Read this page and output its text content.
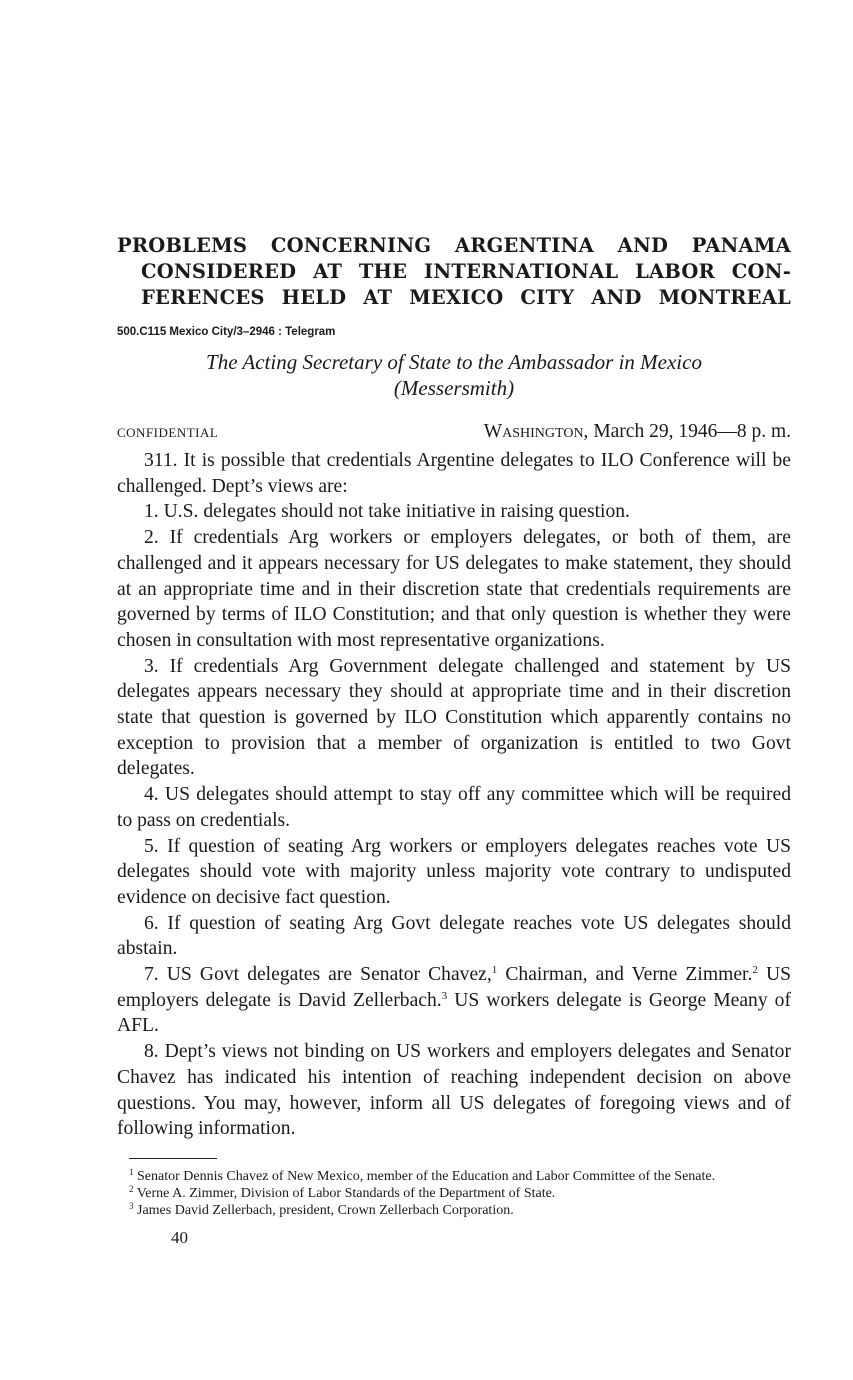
PROBLEMS CONCERNING ARGENTINA AND PANAMA
CONSIDERED AT THE INTERNATIONAL LABOR CON-
FERENCES HELD AT MEXICO CITY AND MONTREAL
500.C115 Mexico City/3–2946 : Telegram
The Acting Secretary of State to the Ambassador in Mexico
(Messersmith)
CONFIDENTIAL	Washington, March 29, 1946—8 p. m.

311. It is possible that credentials Argentine delegates to ILO Conference will be challenged. Dept’s views are:

1. U.S. delegates should not take initiative in raising question.

2. If credentials Arg workers or employers delegates, or both of them, are challenged and it appears necessary for US delegates to make statement, they should at an appropriate time and in their discretion state that credentials requirements are governed by terms of ILO Constitution; and that only question is whether they were chosen in consultation with most representative organizations.

3. If credentials Arg Government delegate challenged and statement by US delegates appears necessary they should at appropriate time and in their discretion state that question is governed by ILO Constitution which apparently contains no exception to provision that a member of organization is entitled to two Govt delegates.

4. US delegates should attempt to stay off any committee which will be required to pass on credentials.

5. If question of seating Arg workers or employers delegates reaches vote US delegates should vote with majority unless majority vote contrary to undisputed evidence on decisive fact question.

6. If question of seating Arg Govt delegate reaches vote US delegates should abstain.

7. US Govt delegates are Senator Chavez,$^1$ Chairman, and Verne Zimmer.$^2$ US employers delegate is David Zellerbach.$^3$ US workers delegate is George Meany of AFL.

8. Dept’s views not binding on US workers and employers delegates and Senator Chavez has indicated his intention of reaching independent decision on above questions. You may, however, inform all US delegates of foregoing views and of following information.

$^1$ Senator Dennis Chavez of New Mexico, member of the Education and Labor Committee of the Senate.

$^2$ Verne A. Zimmer, Division of Labor Standards of the Department of State.

$^3$ James David Zellerbach, president, Crown Zellerbach Corporation.

40
